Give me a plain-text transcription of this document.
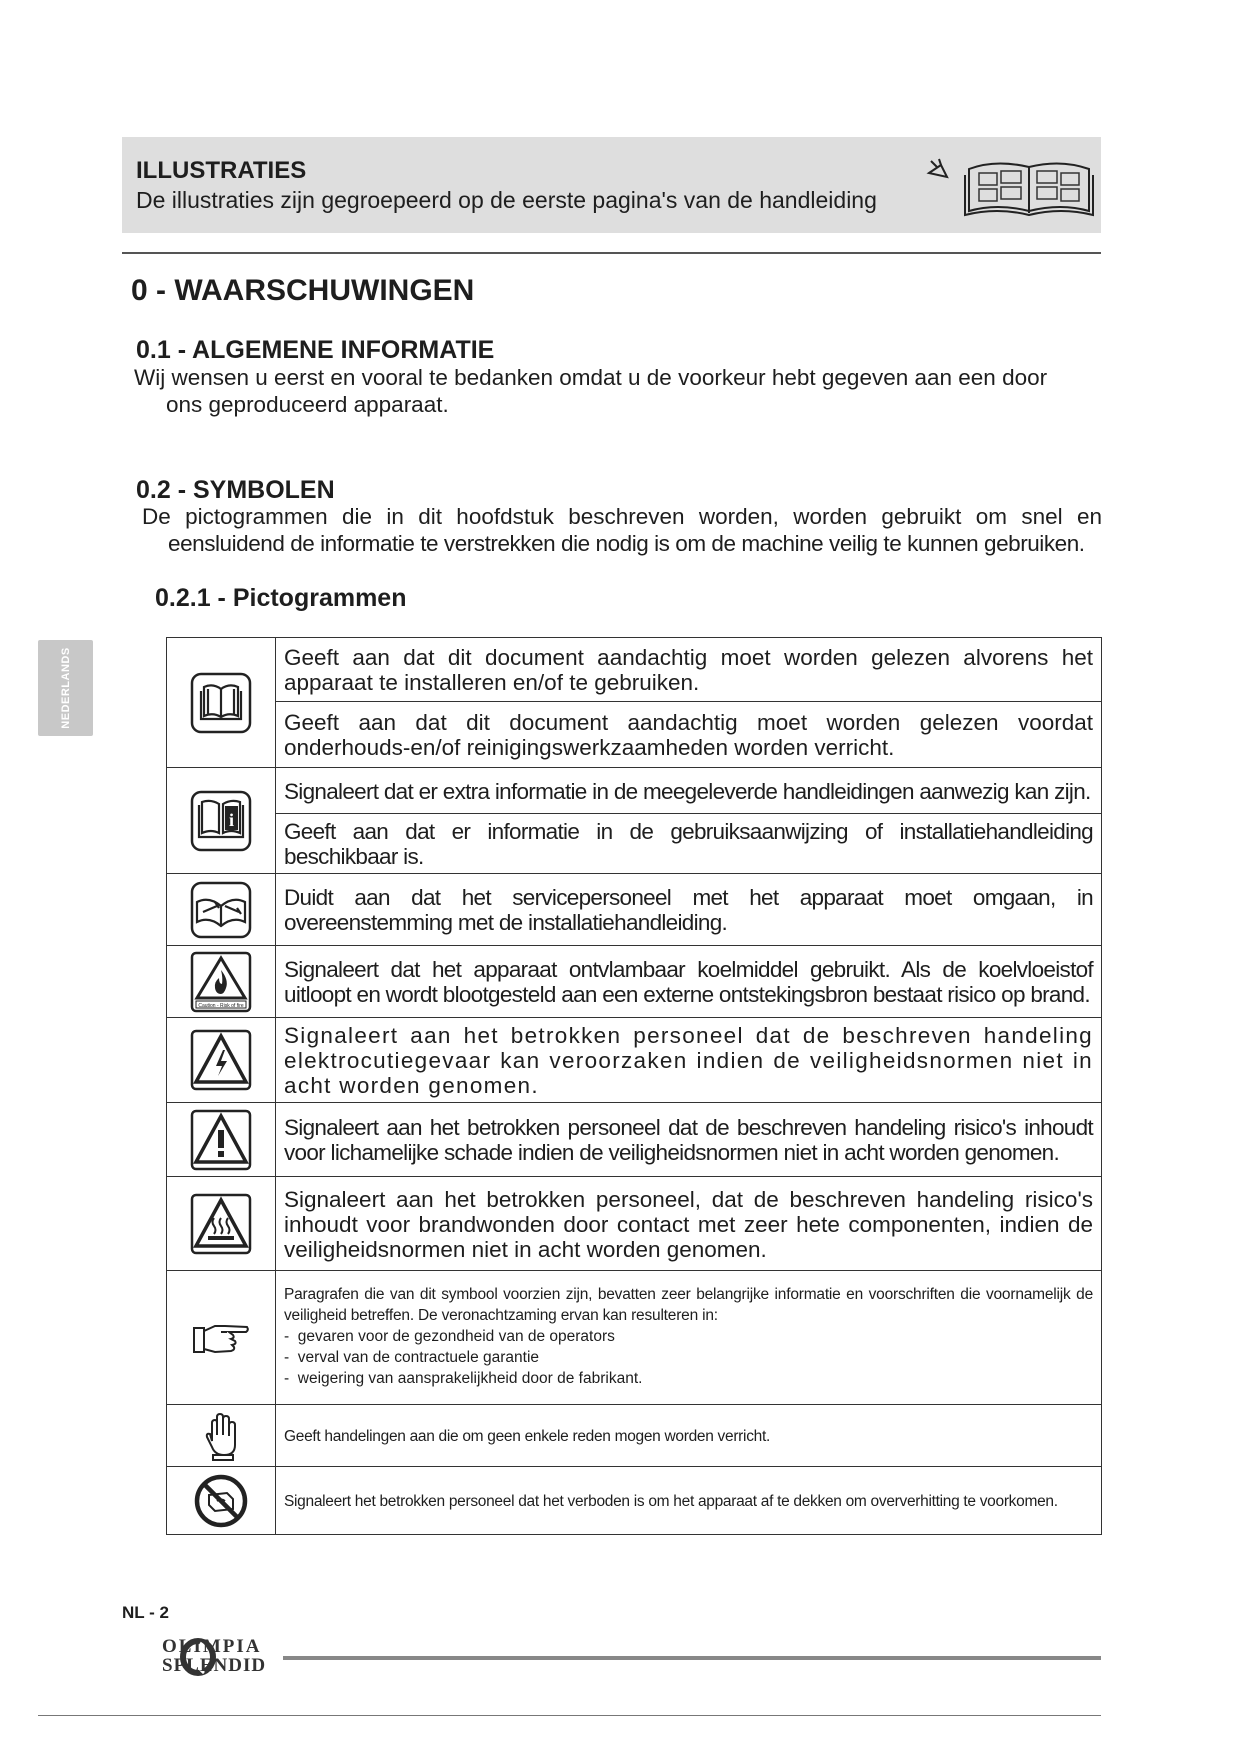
ILLUSTRATIES
De illustraties zijn gegroepeerd op de eerste pagina's van de handleiding
0 - WAARSCHUWINGEN
0.1 - ALGEMENE INFORMATIE
Wij wensen u eerst en vooral te bedanken omdat u de voorkeur hebt gegeven aan een door
ons geproduceerd apparaat.
0.2 - SYMBOLEN
De pictogrammen die in dit hoofdstuk beschreven worden, worden gebruikt om snel en
eensluidend de informatie te verstrekken die nodig is om de machine veilig te kunnen gebruiken.
0.2.1 - Pictogrammen
NEDERLANDS
		Geeft aan dat dit document aandachtig moet worden gelezen alvorens het apparaat te installeren en/of te gebruiken.
	Geeft aan dat dit document aandachtig moet worden gelezen voordat onderhouds-en/of reinigingswerkzaamheden worden verricht.

i	Signaleert dat er extra informatie in de meegeleverde handleidingen aanwezig kan zijn.
	Geeft aan dat er informatie in de gebruiksaanwijzing of installatiehandleiding beschikbaar is.

	Duidt aan dat het servicepersoneel met het apparaat moet omgaan, in overeenstemming met de installatiehandleiding.

Caution - Risk of fire	Signaleert dat het apparaat ontvlambaar koelmiddel gebruikt. Als de koelvloeistof uitloopt en wordt blootgesteld aan een externe ontstekingsbron bestaat risico op brand.

	Signaleert aan het betrokken personeel dat de beschreven handeling elektrocutiegevaar kan veroorzaken indien de veiligheidsnormen niet in acht worden genomen.

	Signaleert aan het betrokken personeel dat de beschreven handeling risico's inhoudt voor lichamelijke schade indien de veiligheidsnormen niet in acht worden genomen.

	Signaleert aan het betrokken personeel, dat de beschreven handeling risico's inhoudt voor brandwonden door contact met zeer hete componenten, indien de veiligheidsnormen niet in acht worden genomen.

Paragrafen die van dit symbool voorzien zijn, bevatten zeer belangrijke informatie en voorschriften die voornamelijk de veiligheid betreffen. De veronachtzaming ervan kan resulteren in:
- gevaren voor de gezondheid van de operators
- verval van de contractuele garantie
- weigering van aansprakelijkheid door de fabrikant.

	Geeft handelingen aan die om geen enkele reden mogen worden verricht.

	Signaleert het betrokken personeel dat het verboden is om het apparaat af te dekken om oververhitting te voorkomen.
NL - 2
OLIMPIA
SPLENDID
